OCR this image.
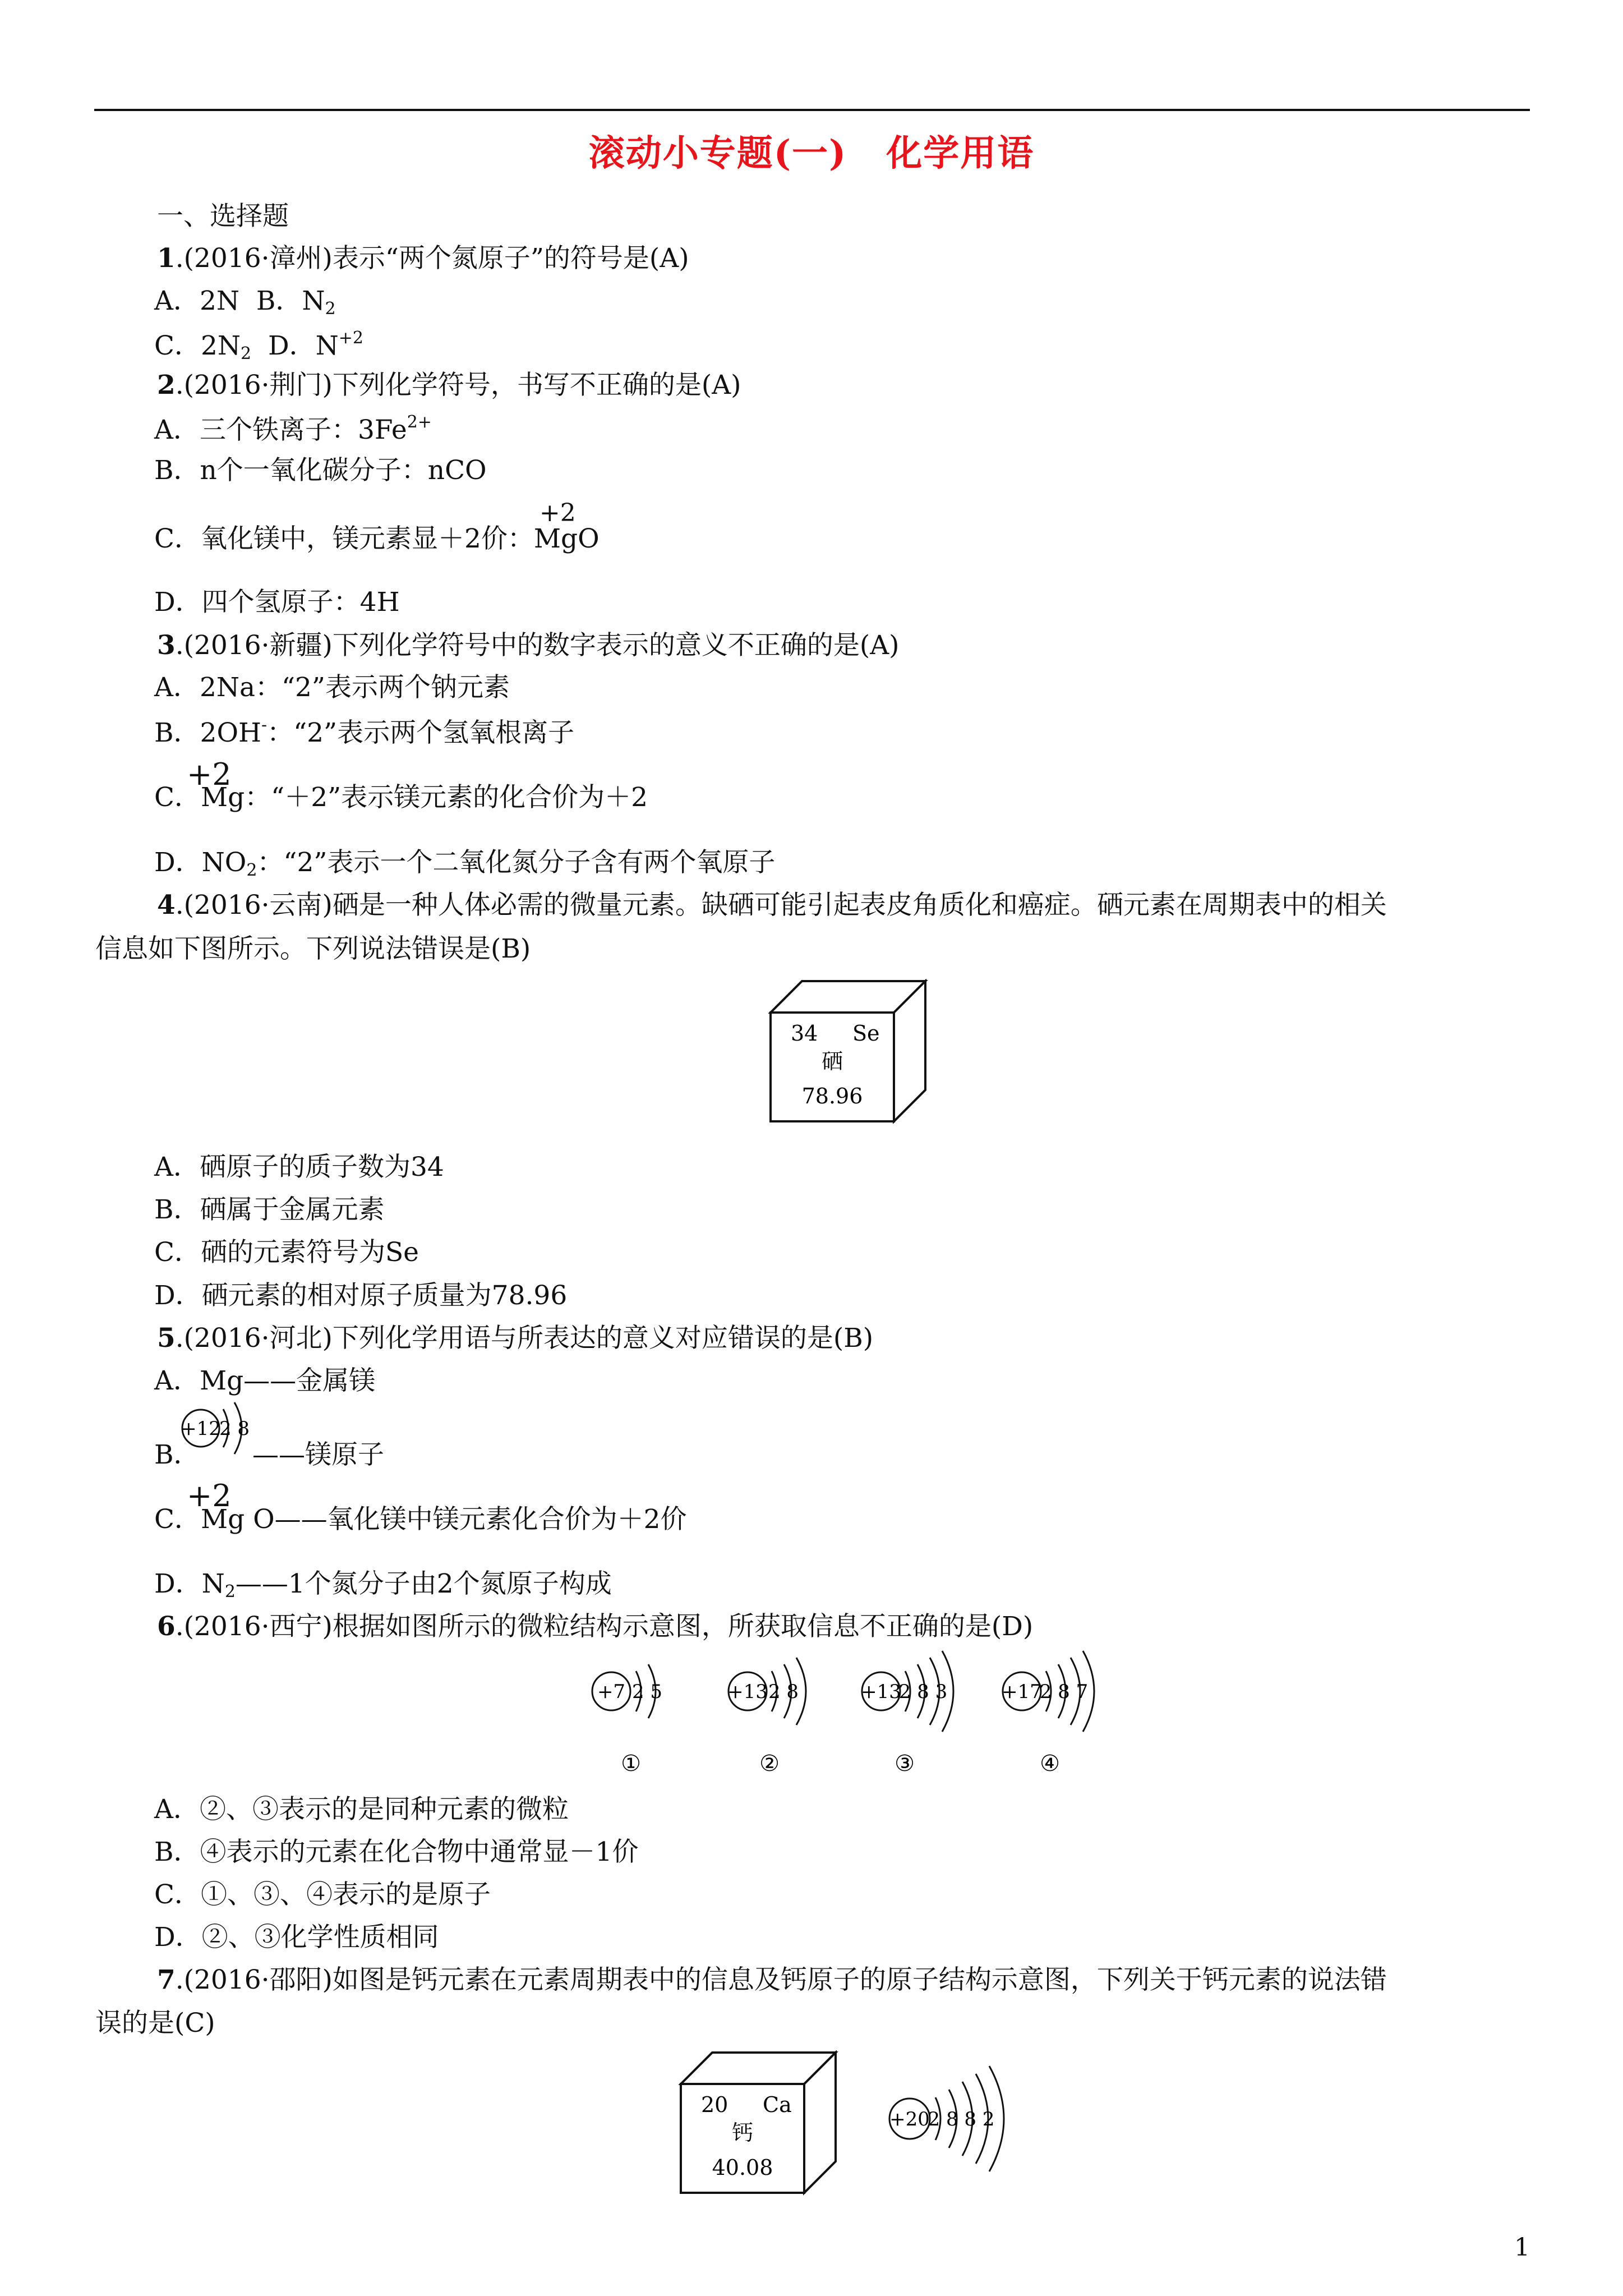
滚动小专题(一) 化学用语
一、选择题
1.(2016·漳州)表示“两个氮原子”的符号是(A)
A．2N B．$N_2$
C．$2N_2$ D．$N^{+2}$
2.(2016·荆门)下列化学符号，书写不正确的是(A)
A．三个铁离子：$3Fe^{2+}$
B．n个一氧化碳分子：nCO
C．氧化镁中，镁元素显＋2价：
+2
MgO
D．四个氢原子：4H
3.(2016·新疆)下列化学符号中的数字表示的意义不正确的是(A)
A．2Na：“2”表示两个钠元素
B．2OH-：“2”表示两个氢氧根离子
+2
C．Mg：“＋2”表示镁元素的化合价为＋2
D．$NO_2$：“2”表示一个二氧化氮分子含有两个氧原子
4.(2016·云南)硒是一种人体必需的微量元素。缺硒可能引起表皮角质化和癌症。硒元素在周期表中的相关
信息如下图所示。下列说法错误是(B)
34 Se
硒
78.96
A．硒原子的质子数为34
B．硒属于金属元素
C．硒的元素符号为Se
D．硒元素的相对原子质量为78.96
5.(2016·河北)下列化学用语与所表达的意义对应错误的是(B)
A．Mg——金属镁
B．
+12
2 8
——镁原子
+2
C．Mg O——氧化镁中镁元素化合价为＋2价
D．$N_2——1$个氮分子由2个氮原子构成
6.(2016·西宁)根据如图所示的微粒结构示意图，所获取信息不正确的是(D)
+7 2 5
①
+13 2 8
②
+13
2 8 3
③
+17
2 8 7
④
A．②、③表示的是同种元素的微粒
B．④表示的元素在化合物中通常显－1价
C．①、③、④表示的是原子
D．②、③化学性质相同
7.(2016·邵阳)如图是钙元素在元素周期表中的信息及钙原子的原子结构示意图，下列关于钙元素的说法错
误的是(C)
20 Ca
钙
40.08
+20
2 8 8 2
1
